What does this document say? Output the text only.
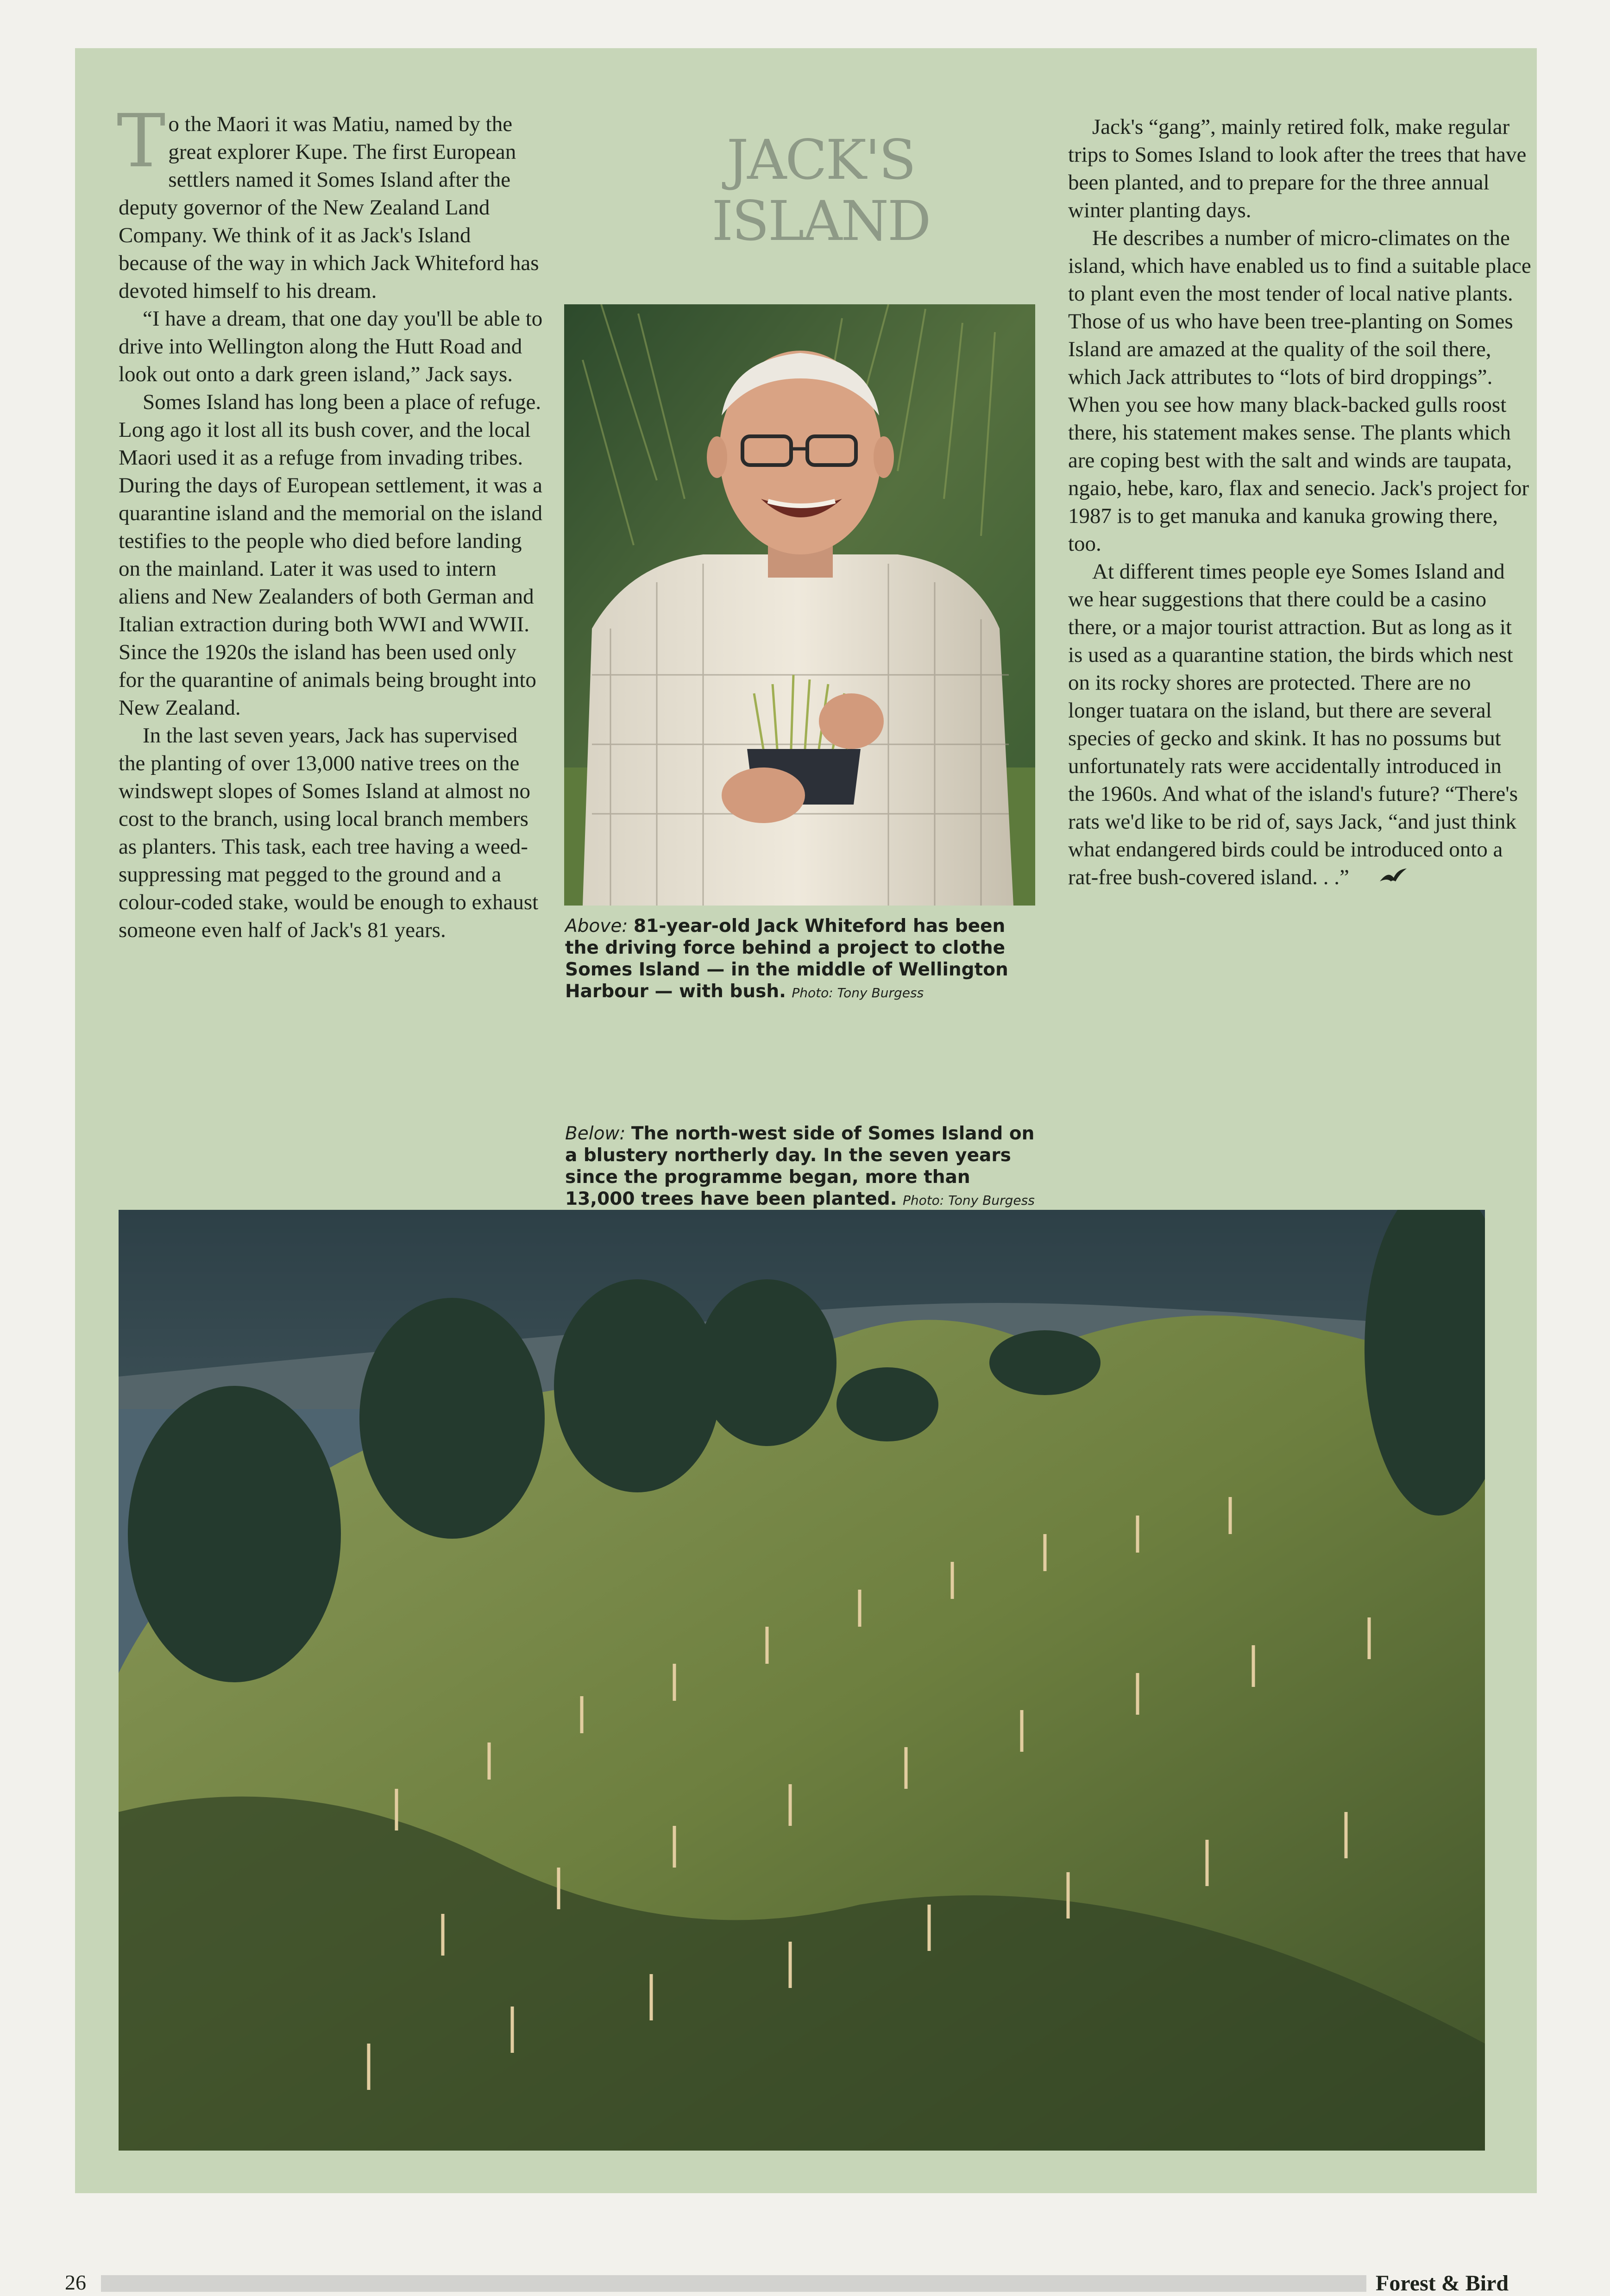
To the Maori it was Matiu, named by the great explorer Kupe. The first European settlers named it Somes Island after the deputy governor of the New Zealand Land Company. We think of it as Jack's Island because of the way in which Jack Whiteford has devoted himself to his dream.

“I have a dream, that one day you'll be able to drive into Wellington along the Hutt Road and look out onto a dark green island,” Jack says.

Somes Island has long been a place of refuge. Long ago it lost all its bush cover, and the local Maori used it as a refuge from invading tribes. During the days of European settlement, it was a quarantine island and the memorial on the island testifies to the people who died before landing on the mainland. Later it was used to intern aliens and New Zealanders of both German and Italian extraction during both WWI and WWII. Since the 1920s the island has been used only for the quarantine of animals being brought into New Zealand.

In the last seven years, Jack has supervised the planting of over 13,000 native trees on the windswept slopes of Somes Island at almost no cost to the branch, using local branch members as planters. This task, each tree having a weed-suppressing mat pegged to the ground and a colour-coded stake, would be enough to exhaust someone even half of Jack's 81 years.

JACK'S
ISLAND
Above: 81-year-old Jack Whiteford has been the driving force behind a project to clothe Somes Island — in the middle of Wellington Harbour — with bush. Photo: Tony Burgess
Below: The north-west side of Somes Island on a blustery northerly day. In the seven years since the programme began, more than 13,000 trees have been planted. Photo: Tony Burgess

Jack's “gang”, mainly retired folk, make regular trips to Somes Island to look after the trees that have been planted, and to prepare for the three annual winter planting days.

He describes a number of micro-climates on the island, which have enabled us to find a suitable place to plant even the most tender of local native plants. Those of us who have been tree-planting on Somes Island are amazed at the quality of the soil there, which Jack attributes to “lots of bird droppings”. When you see how many black-backed gulls roost there, his statement makes sense. The plants which are coping best with the salt and winds are taupata, ngaio, hebe, karo, flax and senecio. Jack's project for 1987 is to get manuka and kanuka growing there, too.

At different times people eye Somes Island and we hear suggestions that there could be a casino there, or a major tourist attraction. But as long as it is used as a quarantine station, the birds which nest on its rocky shores are protected. There are no longer tuatara on the island, but there are several species of gecko and skink. It has no possums but unfortunately rats were accidentally introduced in the 1960s. And what of the island's future? “There's rats we'd like to be rid of, says Jack, “and just think what endangered birds could be introduced onto a rat-free bush-covered island. . .”

26	Forest & Bird
